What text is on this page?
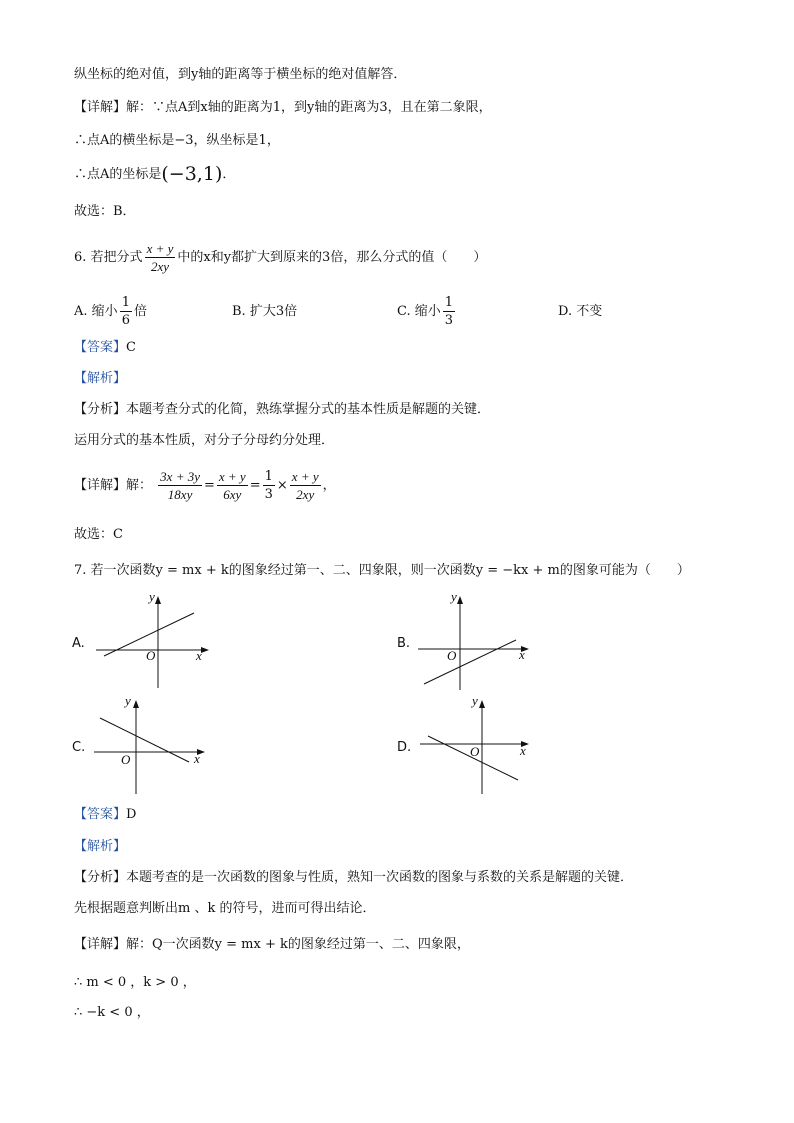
纵坐标的绝对值，到y轴的距离等于横坐标的绝对值解答．
【详解】解：∵点A到x轴的距离为1，到y轴的距离为3，且在第二象限，
∴点A的横坐标是−3，纵坐标是1，
∴点A的坐标是(−3,1)．
故选：B．
6. 若把分式 $\frac{x + y}{2xy}$ 中的x和y都扩大到原来的3倍，那么分式的值（　　）
A. 缩小 $\frac{1}{6}$ 倍	B. 扩大3倍	C. 缩小 $\frac{1}{3}$	D. 不变
【答案】C
【解析】
【分析】本题考查分式的化简，熟练掌握分式的基本性质是解题的关键．
运用分式的基本性质，对分子分母约分处理．
【详解】解： $\frac{3x + 3y}{18xy} = \frac{x + y}{6xy} = \frac{1}{3} \times \frac{x + y}{2xy}$ ，
故选：C
7. 若一次函数y = mx + k的图象经过第一、二、四象限，则一次函数y = −kx + m的图象可能为（　　）
A.
y
x
O
B.
y
x
O
C.
y
x
O
D.
y
x
O
【答案】D
【解析】
【分析】本题考查的是一次函数的图象与性质，熟知一次函数的图象与系数的关系是解题的关键．
先根据题意判断出m 、k 的符号，进而可得出结论．
【详解】解：Q一次函数y = mx + k的图象经过第一、二、四象限，
∴ m < 0 ，k > 0 ，
∴ −k < 0 ，
